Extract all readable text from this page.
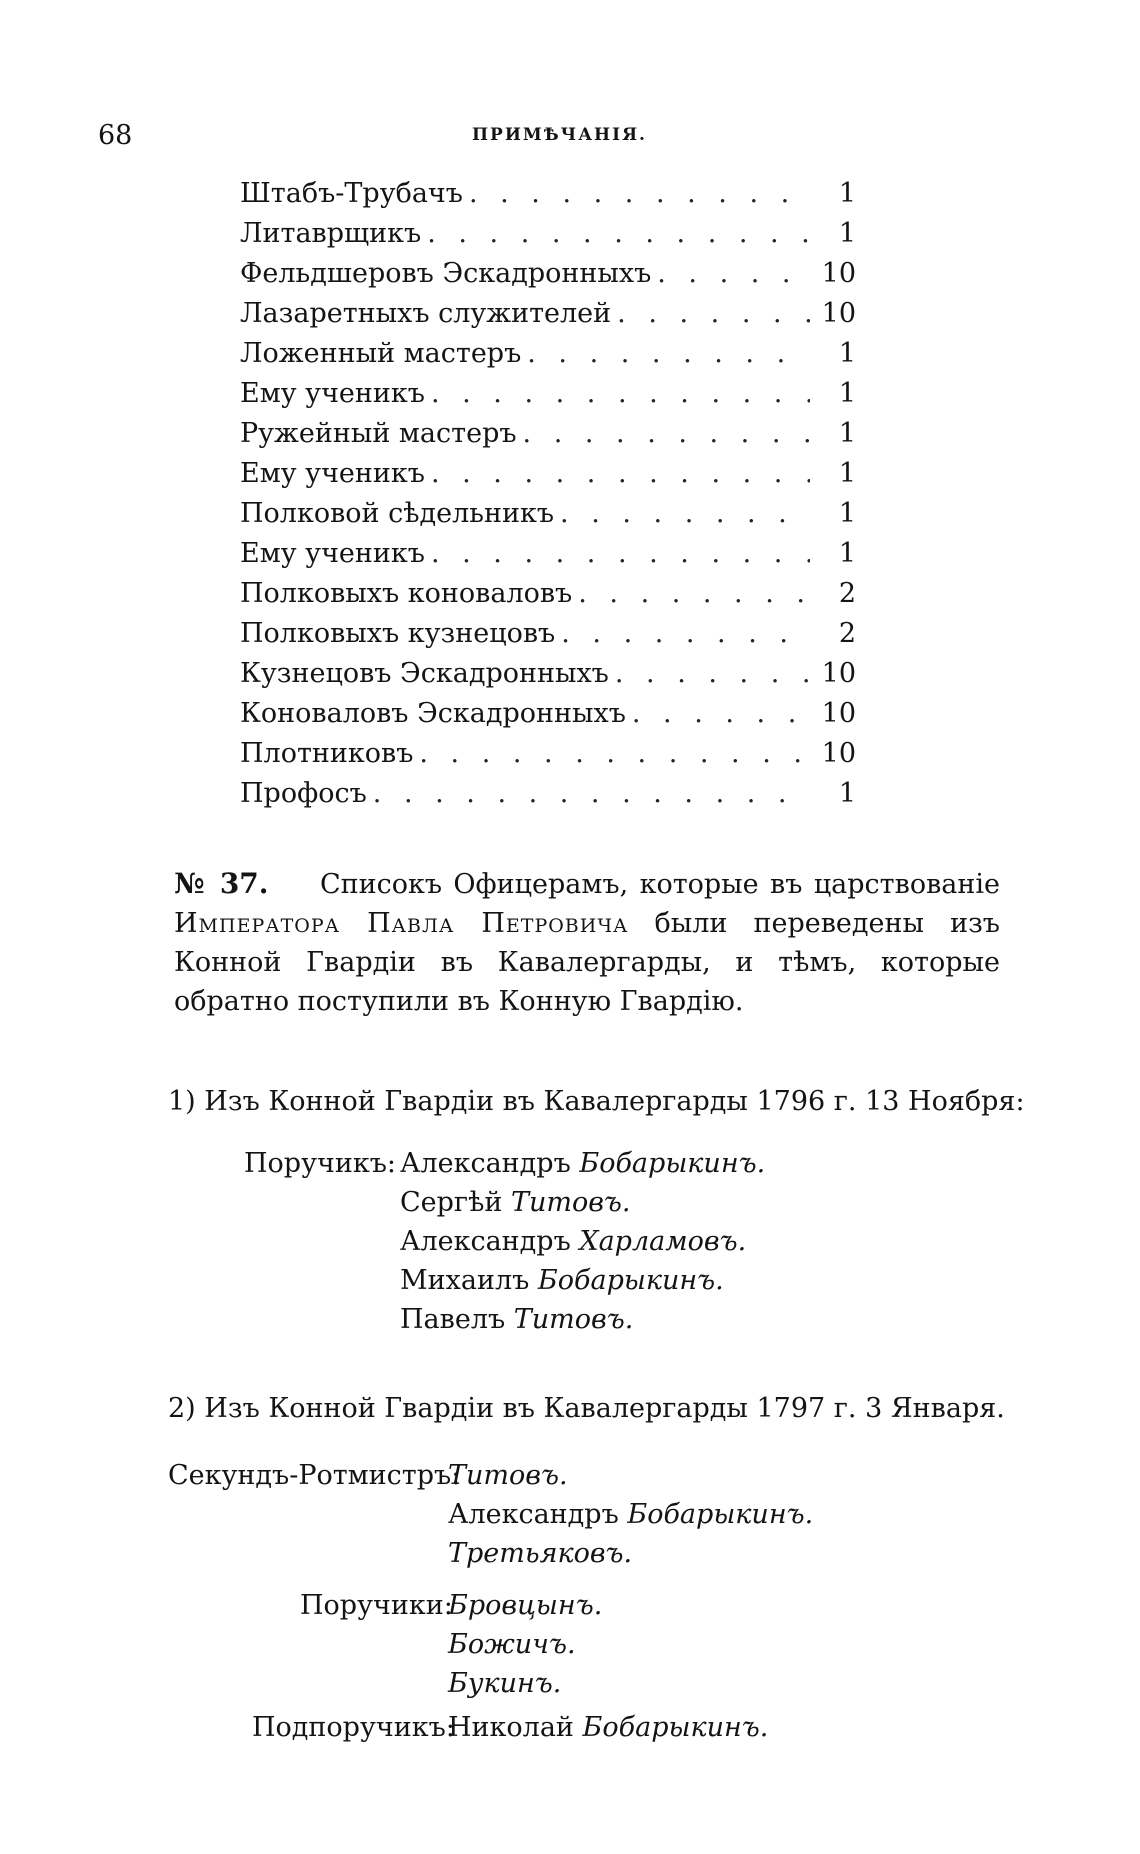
68	ПРИМѢЧАНІЯ.
Штабъ-Трубачъ . . .	1
Литаврщикъ . . .	1
Фельдшеровъ Эскадронныхъ . . .	10
Лазаретныхъ служителей . . .	10
Ложенный мастеръ . . .	1
Ему ученикъ . . .	1
Ружейный мастеръ . . .	1
Ему ученикъ . . .	1
Полковой сѣдельникъ . . .	1
Ему ученикъ . . .	1
Полковыхъ коноваловъ . . .	2
Полковыхъ кузнецовъ . . .	2
Кузнецовъ Эскадронныхъ . . .	10
Коноваловъ Эскадронныхъ . . .	10
Плотниковъ . . .	10
Профосъ . . .	1
№ 37. Списокъ Офицерамъ, которые въ царствованіе Императора Павла Петровича были переведены изъ Конной Гвардіи въ Кавалергарды, и тѣмъ, которые обратно поступили въ Конную Гвардію.
1) Изъ Конной Гвардіи въ Кавалергарды 1796 г. 13 Ноября:
Поручикъ: Александръ Бобарыкинъ.
Сергѣй Титовъ.
Александръ Харламовъ.
Михаилъ Бобарыкинъ.
Павелъ Титовъ.
2) Изъ Конной Гвардіи въ Кавалергарды 1797 г. 3 Января.
Секундъ-Ротмистръ:
Титовъ.
Александръ Бобарыкинъ.
Третьяковъ.
Поручики:
Бровцынъ.
Божичъ.
Букинъ.
Подпоручикъ:
Николай Бобарыкинъ.
